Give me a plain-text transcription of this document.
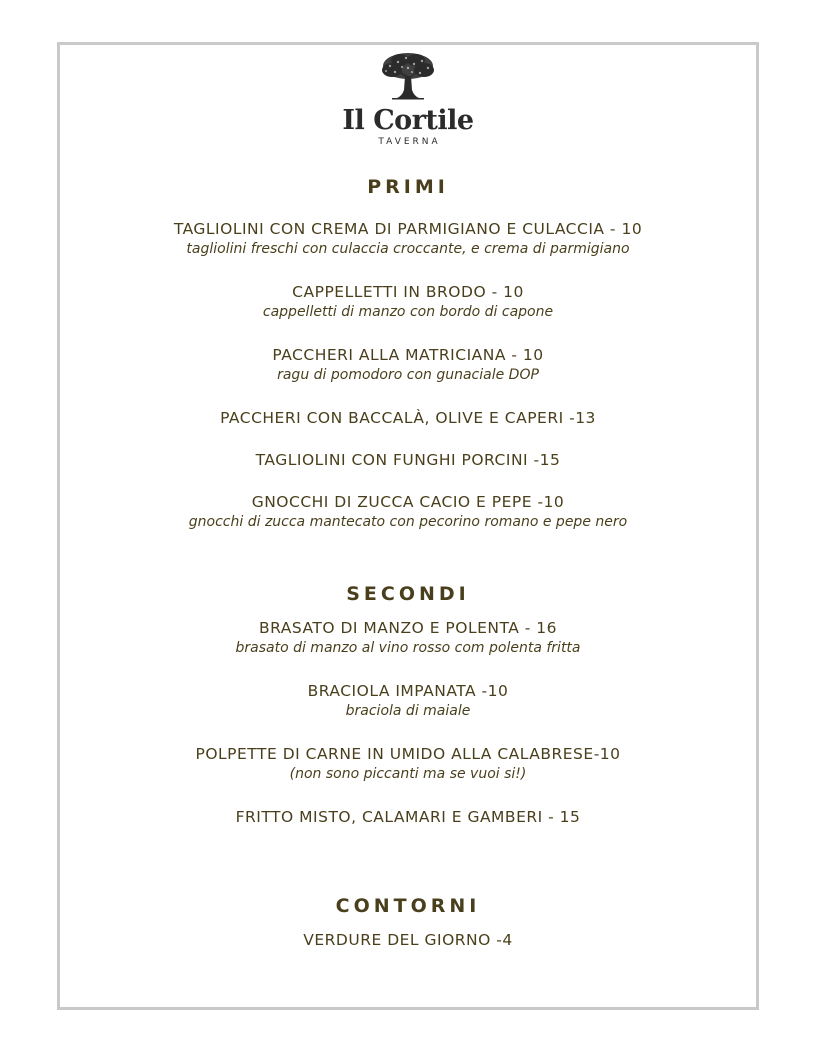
Il Cortile
TAVERNA
PRIMI
TAGLIOLINI CON CREMA DI PARMIGIANO E CULACCIA - 10
tagliolini freschi con culaccia croccante, e crema di parmigiano
CAPPELLETTI IN BRODO - 10
cappelletti di manzo con bordo di capone
PACCHERI ALLA MATRICIANA - 10
ragu di pomodoro con gunaciale DOP
PACCHERI CON BACCALÀ, OLIVE E CAPERI -13
TAGLIOLINI CON FUNGHI PORCINI -15
GNOCCHI DI ZUCCA CACIO E PEPE -10
gnocchi di zucca mantecato con pecorino romano e pepe nero
SECONDI
BRASATO DI MANZO E POLENTA - 16
brasato di manzo al vino rosso com polenta fritta
BRACIOLA IMPANATA -10
braciola di maiale
POLPETTE DI CARNE IN UMIDO ALLA CALABRESE-10
(non sono piccanti ma se vuoi si!)
FRITTO MISTO, CALAMARI E GAMBERI - 15
CONTORNI
VERDURE DEL GIORNO -4
